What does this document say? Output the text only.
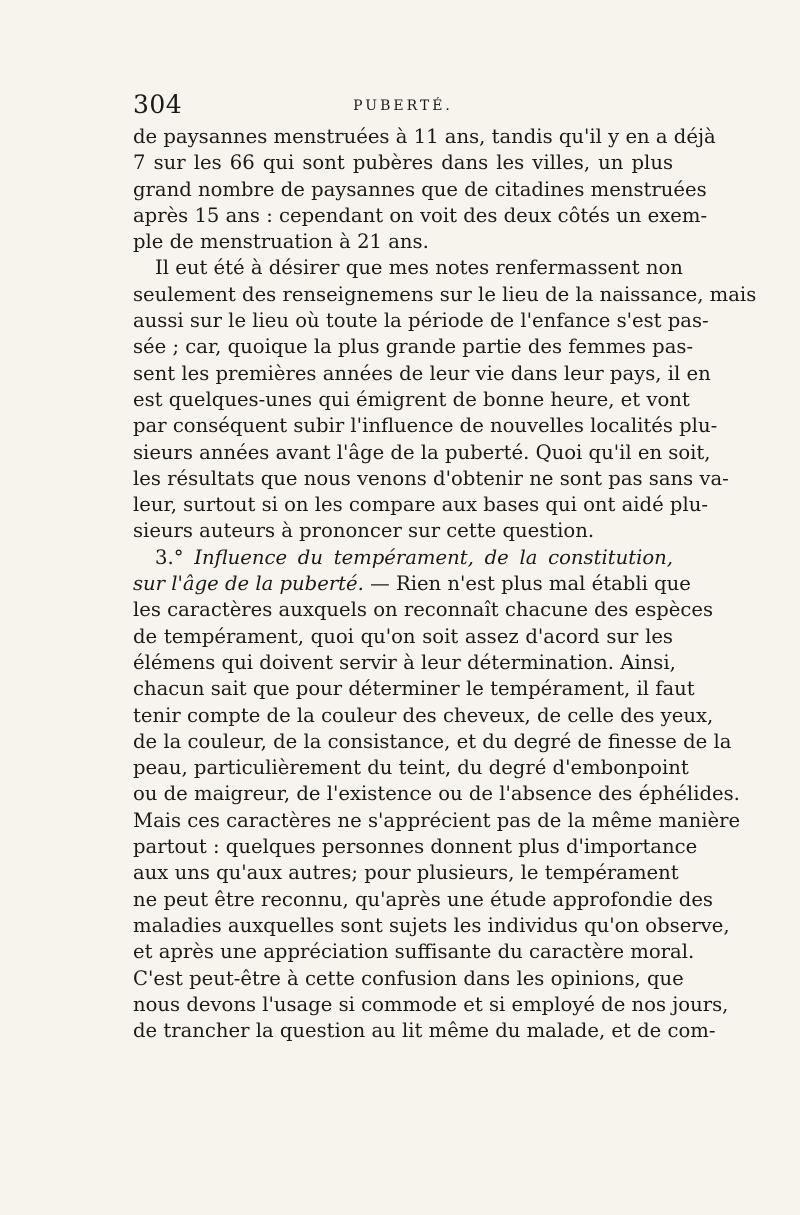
304	PUBERTÉ.
de paysannes menstruées à 11 ans, tandis qu'il y en a déjà
7 sur les 66 qui sont pubères dans les villes, un plus
grand nombre de paysannes que de citadines menstruées
après 15 ans : cependant on voit des deux côtés un exem-
ple de menstruation à 21 ans.
Il eut été à désirer que mes notes renfermassent non
seulement des renseignemens sur le lieu de la naissance, mais
aussi sur le lieu où toute la période de l'enfance s'est pas-
sée ; car, quoique la plus grande partie des femmes pas-
sent les premières années de leur vie dans leur pays, il en
est quelques-unes qui émigrent de bonne heure, et vont
par conséquent subir l'influence de nouvelles localités plu-
sieurs années avant l'âge de la puberté. Quoi qu'il en soit,
les résultats que nous venons d'obtenir ne sont pas sans va-
leur, surtout si on les compare aux bases qui ont aidé plu-
sieurs auteurs à prononcer sur cette question.
3.° Influence du tempérament, de la constitution,
sur l'âge de la puberté. — Rien n'est plus mal établi que
les caractères auxquels on reconnaît chacune des espèces
de tempérament, quoi qu'on soit assez d'acord sur les
élémens qui doivent servir à leur détermination. Ainsi,
chacun sait que pour déterminer le tempérament, il faut
tenir compte de la couleur des cheveux, de celle des yeux,
de la couleur, de la consistance, et du degré de finesse de la
peau, particulièrement du teint, du degré d'embonpoint
ou de maigreur, de l'existence ou de l'absence des éphélides.
Mais ces caractères ne s'apprécient pas de la même manière
partout : quelques personnes donnent plus d'importance
aux uns qu'aux autres; pour plusieurs, le tempérament
ne peut être reconnu, qu'après une étude approfondie des
maladies auxquelles sont sujets les individus qu'on observe,
et après une appréciation suffisante du caractère moral.
C'est peut-être à cette confusion dans les opinions, que
nous devons l'usage si commode et si employé de nos jours,
de trancher la question au lit même du malade, et de com-
